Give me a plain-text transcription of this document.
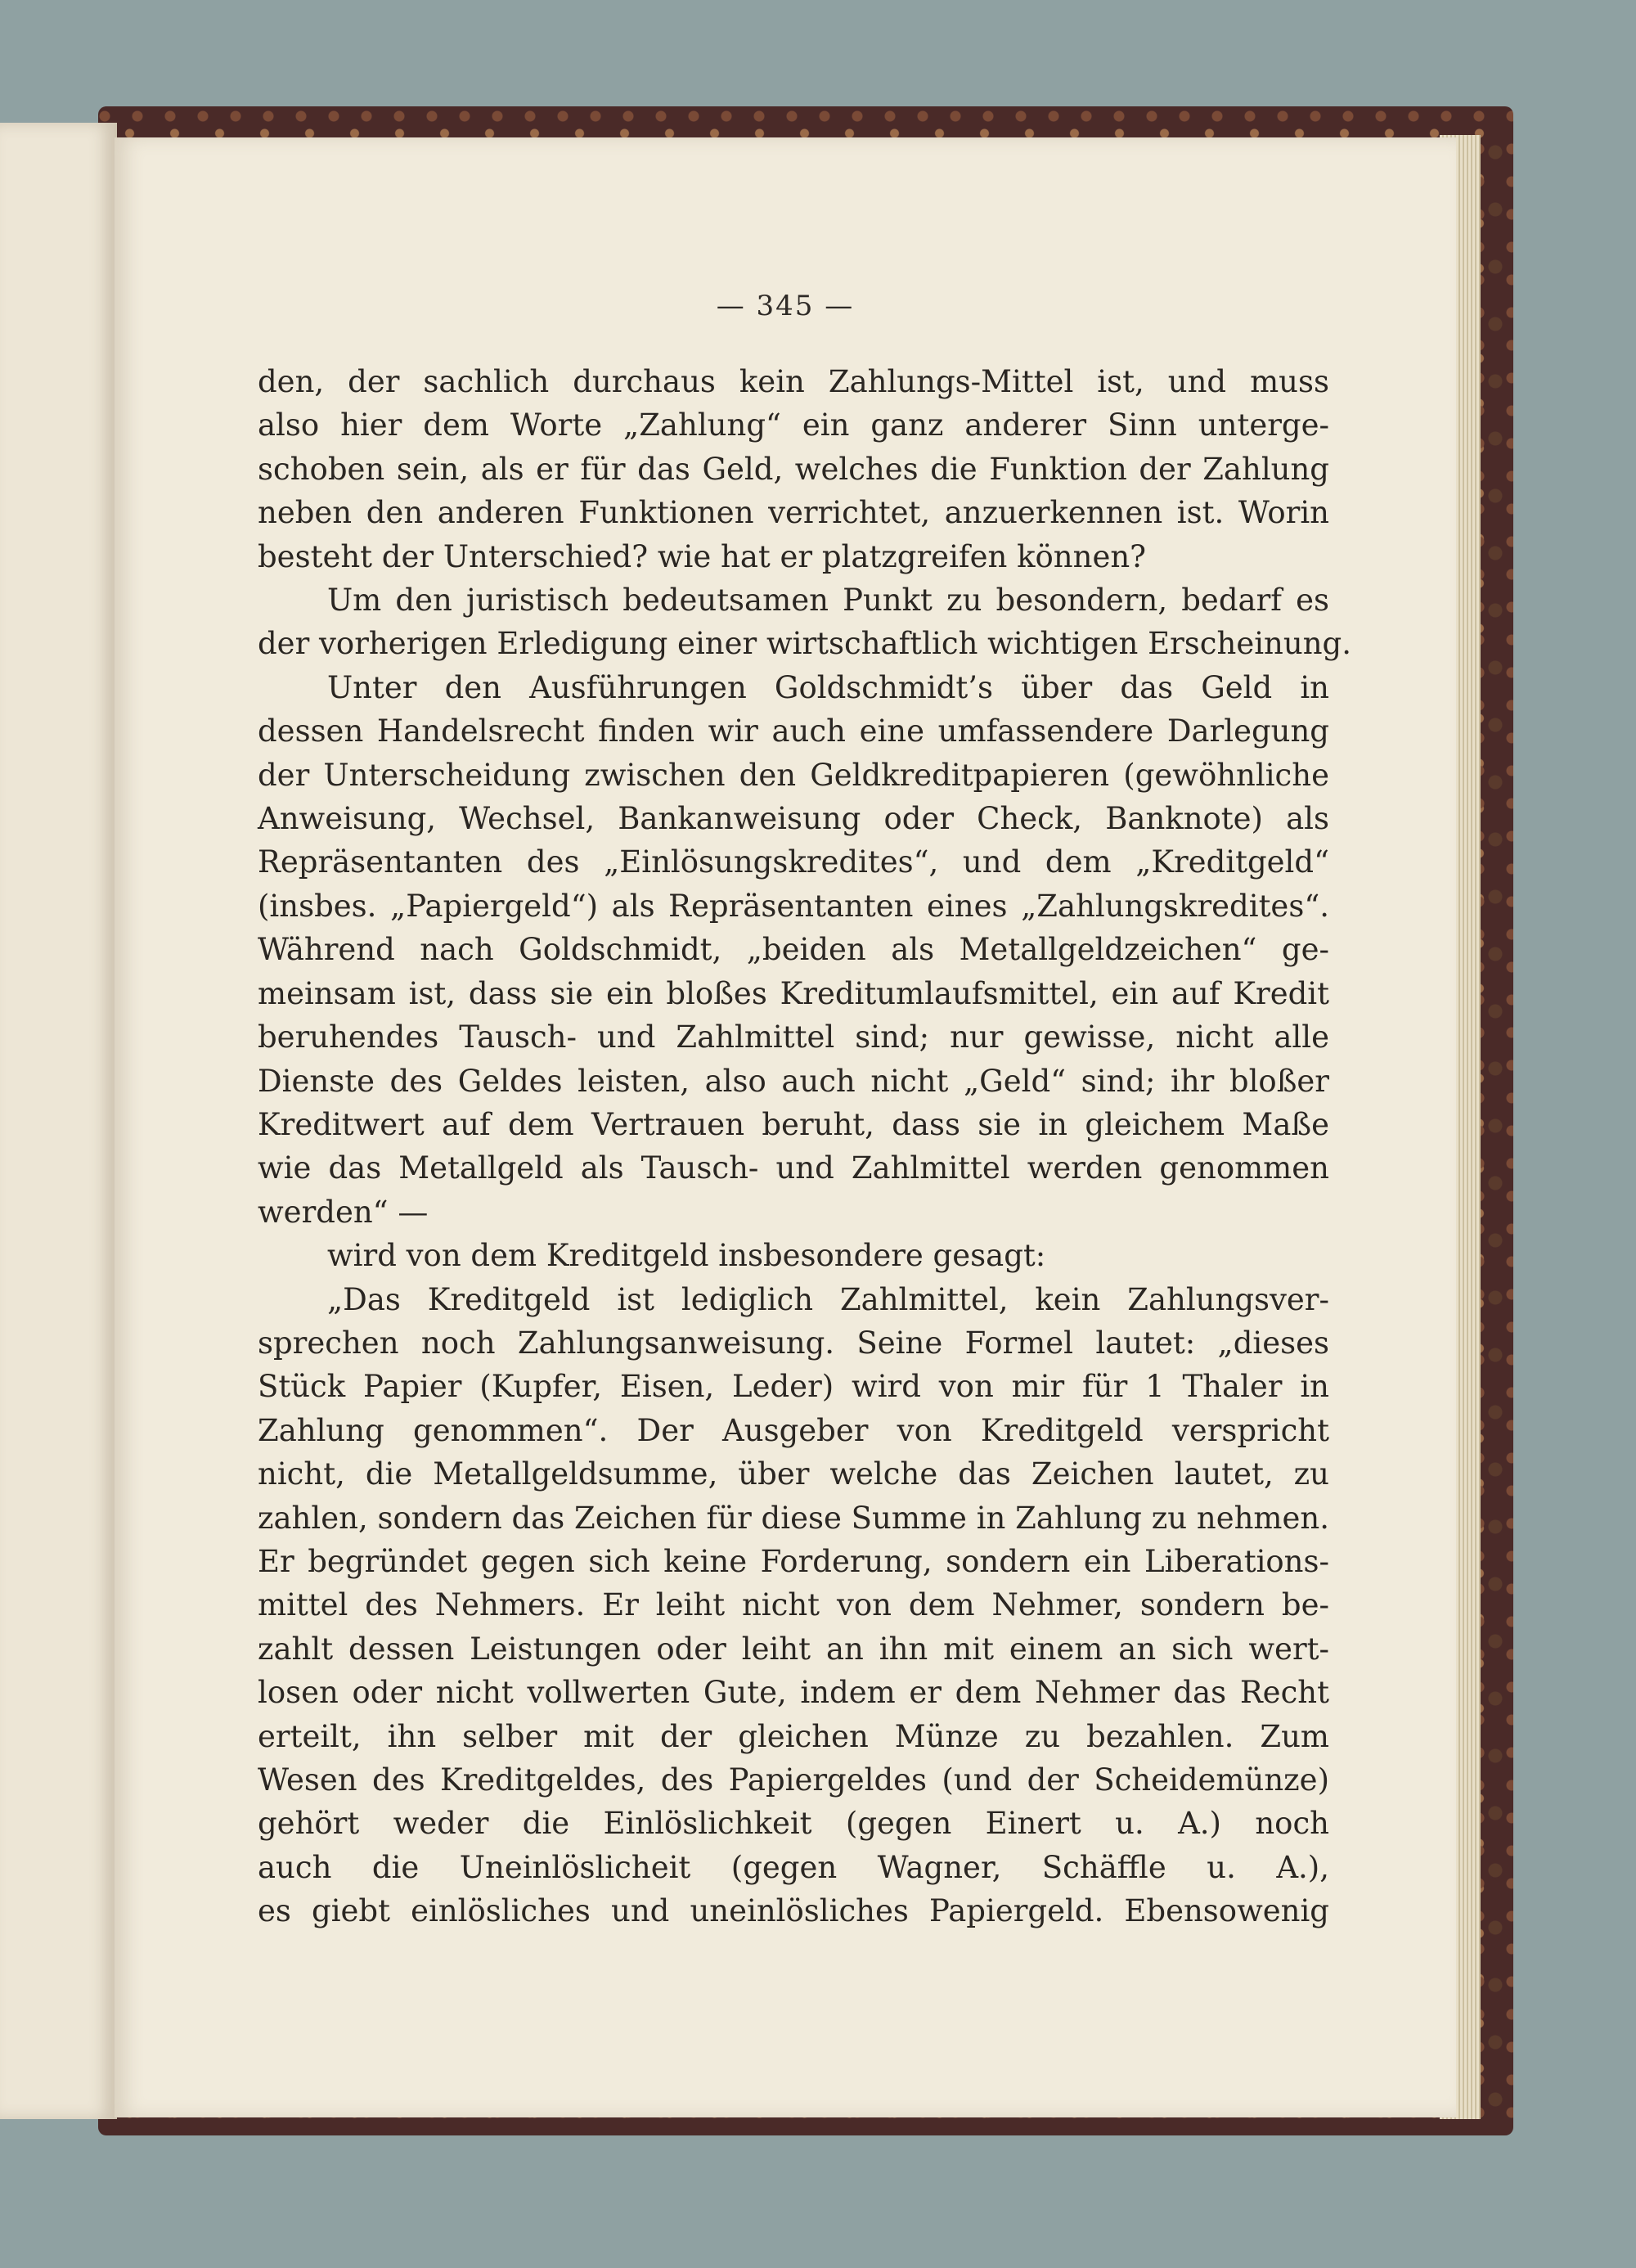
— 345 —
den, der sachlich durchaus kein Zahlungs-Mittel ist, und muss
also hier dem Worte „Zahlung“ ein ganz anderer Sinn unterge-
schoben sein, als er für das Geld, welches die Funktion der Zahlung
neben den anderen Funktionen verrichtet, anzuerkennen ist. Worin
besteht der Unterschied? wie hat er platzgreifen können?
Um den juristisch bedeutsamen Punkt zu besondern, bedarf es
der vorherigen Erledigung einer wirtschaftlich wichtigen Erscheinung.
Unter den Ausführungen Goldschmidt’s über das Geld in
dessen Handelsrecht finden wir auch eine umfassendere Darlegung
der Unterscheidung zwischen den Geldkreditpapieren (gewöhnliche
Anweisung, Wechsel, Bankanweisung oder Check, Banknote) als
Repräsentanten des „Einlösungskredites“, und dem „Kreditgeld“
(insbes. „Papiergeld“) als Repräsentanten eines „Zahlungskredites“.
Während nach Goldschmidt, „beiden als Metallgeldzeichen“ ge-
meinsam ist, dass sie ein bloßes Kreditumlaufsmittel, ein auf Kredit
beruhendes Tausch- und Zahlmittel sind; nur gewisse, nicht alle
Dienste des Geldes leisten, also auch nicht „Geld“ sind; ihr bloßer
Kreditwert auf dem Vertrauen beruht, dass sie in gleichem Maße
wie das Metallgeld als Tausch- und Zahlmittel werden genommen
werden“ —
wird von dem Kreditgeld insbesondere gesagt:
„Das Kreditgeld ist lediglich Zahlmittel, kein Zahlungsver-
sprechen noch Zahlungsanweisung. Seine Formel lautet: „dieses
Stück Papier (Kupfer, Eisen, Leder) wird von mir für 1 Thaler in
Zahlung genommen“. Der Ausgeber von Kreditgeld verspricht
nicht, die Metallgeldsumme, über welche das Zeichen lautet, zu
zahlen, sondern das Zeichen für diese Summe in Zahlung zu nehmen.
Er begründet gegen sich keine Forderung, sondern ein Liberations-
mittel des Nehmers. Er leiht nicht von dem Nehmer, sondern be-
zahlt dessen Leistungen oder leiht an ihn mit einem an sich wert-
losen oder nicht vollwerten Gute, indem er dem Nehmer das Recht
erteilt, ihn selber mit der gleichen Münze zu bezahlen. Zum
Wesen des Kreditgeldes, des Papiergeldes (und der Scheidemünze)
gehört weder die Einlöslichkeit (gegen Einert u. A.) noch
auch die Uneinlöslicheit (gegen Wagner, Schäffle u. A.),
es giebt einlösliches und uneinlösliches Papiergeld. Ebensowenig
